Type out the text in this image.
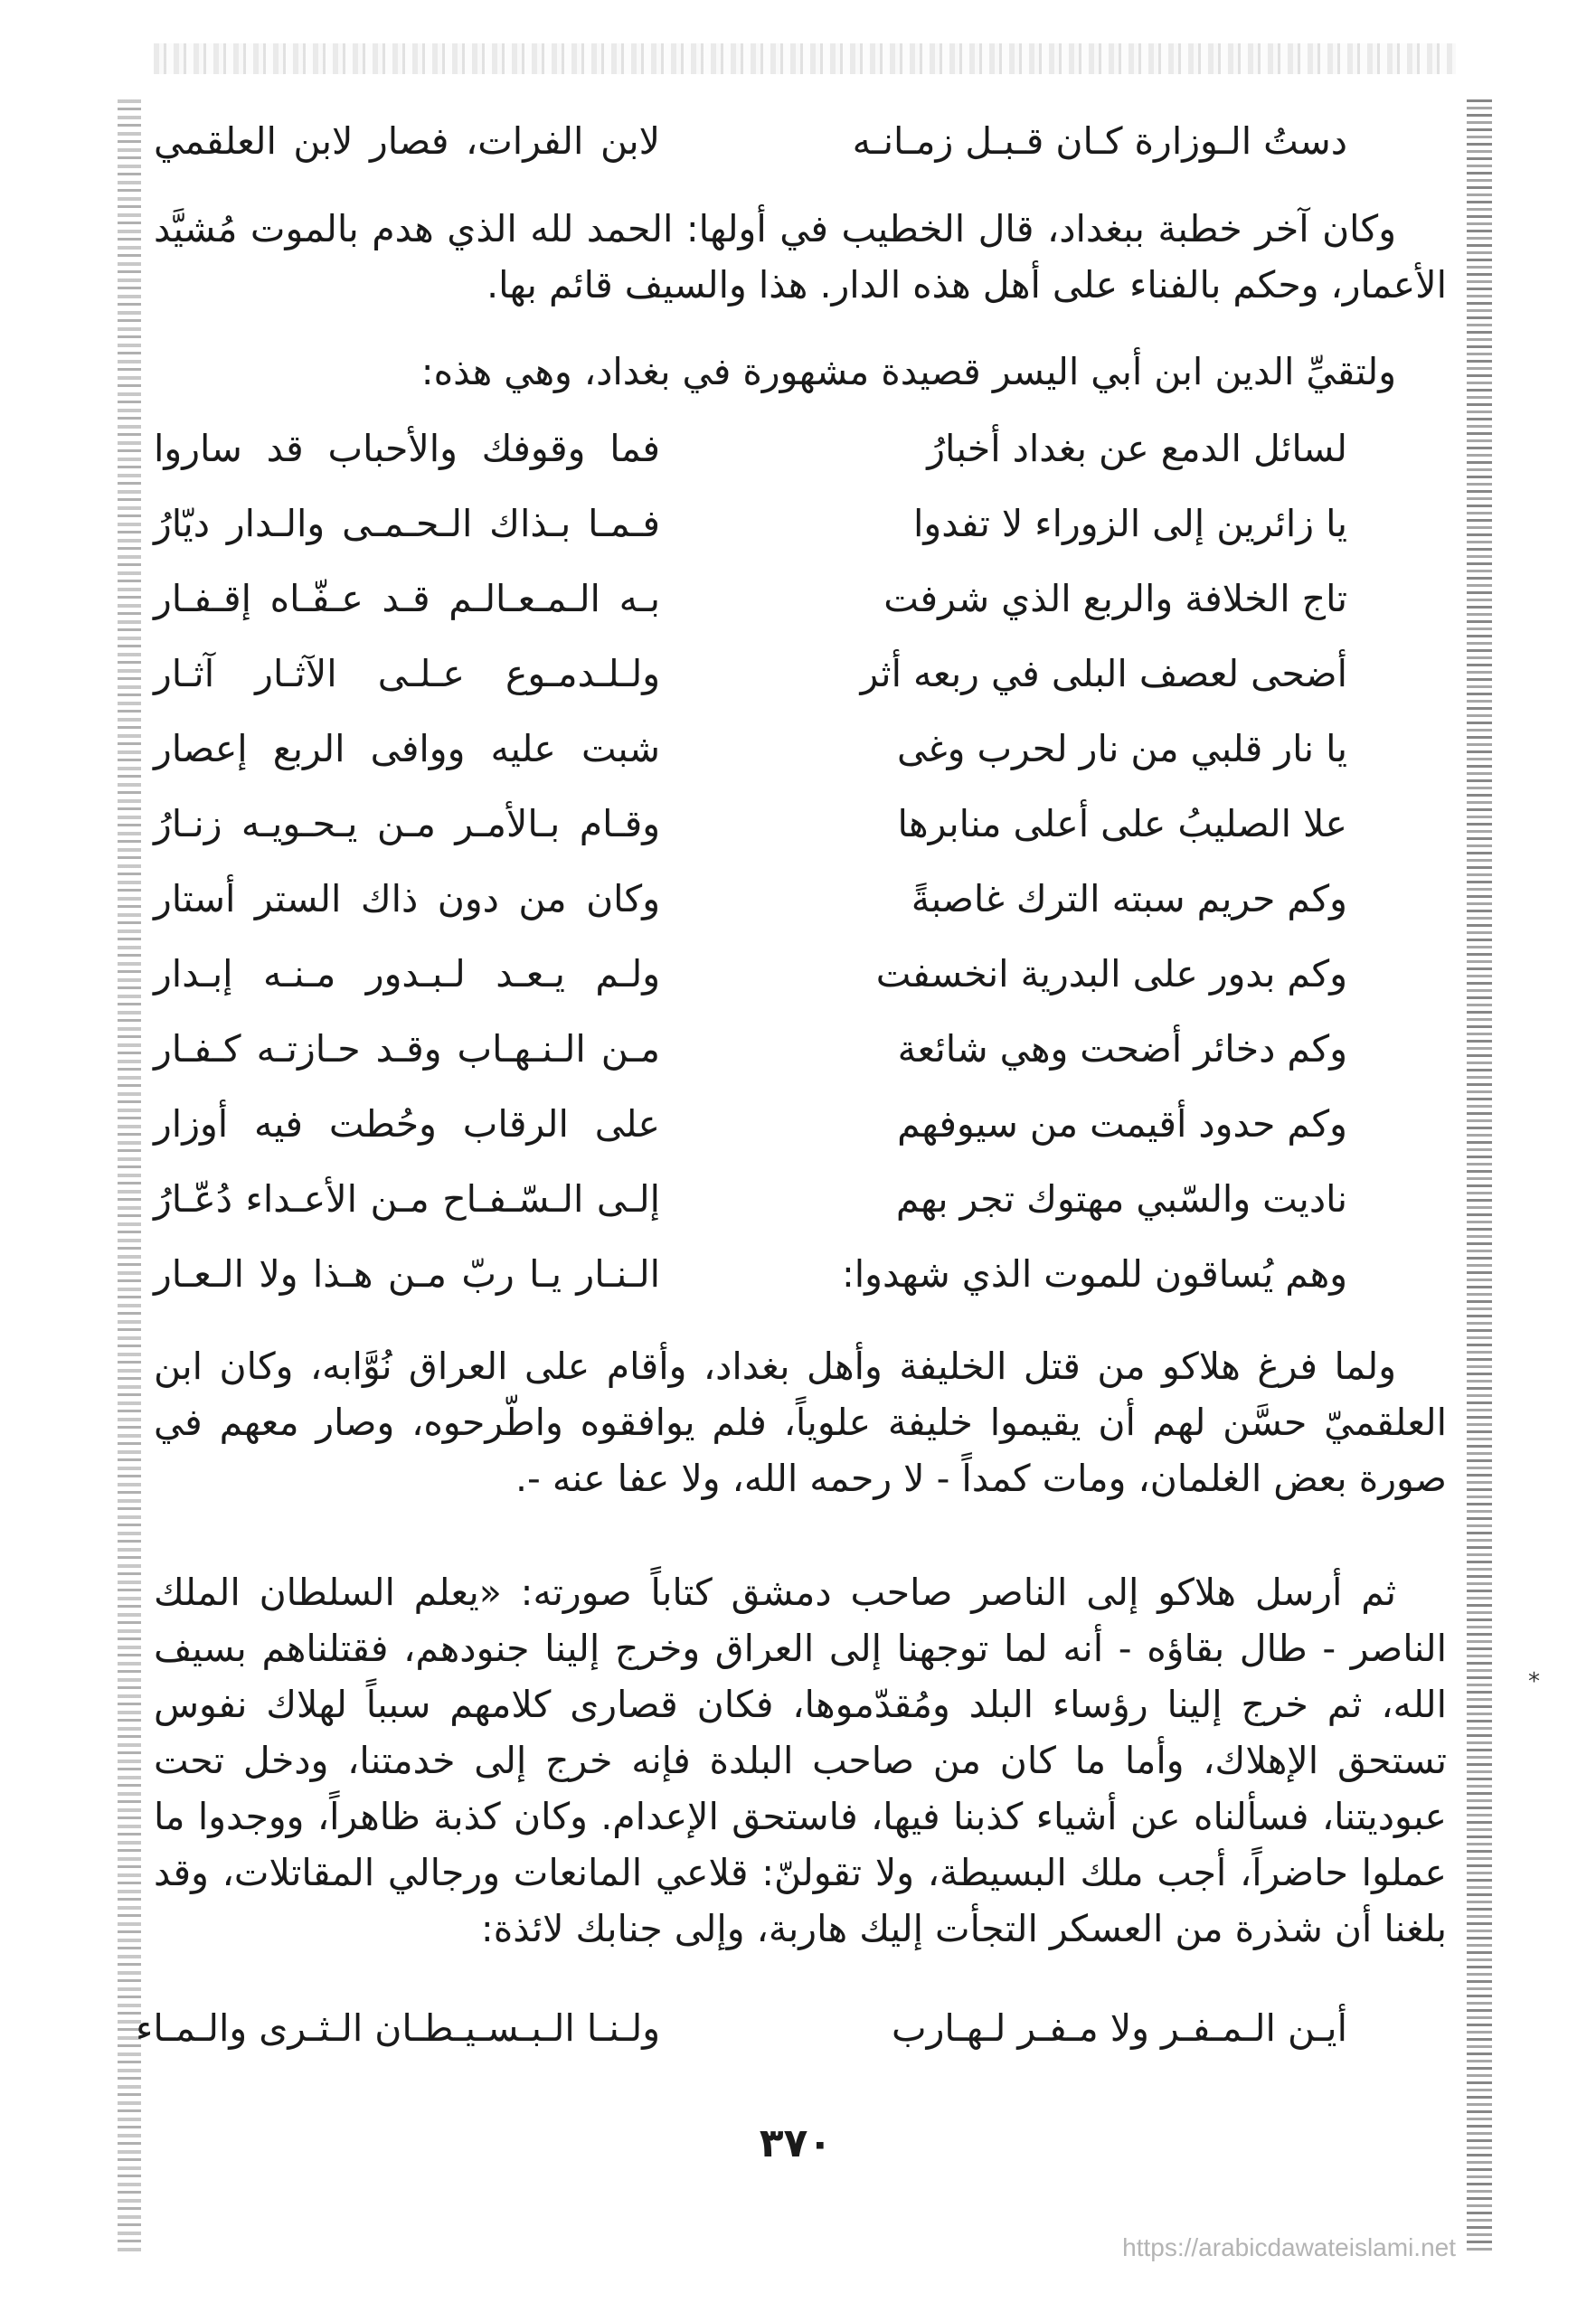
دستُ الـوزارة كـان قـبـل زمـانـه
لابن الفرات، فصار لابن العلقمي

وكان آخر خطبة ببغداد، قال الخطيب في أولها: الحمد لله الذي هدم بالموت مُشيَّد الأعمار، وحكم بالفناء على أهل هذه الدار. هذا والسيف قائم بها.

ولتقيِّ الدين ابن أبي اليسر قصيدة مشهورة في بغداد، وهي هذه:

لسائل الدمع عن بغداد أخبارُ
فما وقوفك والأحباب قد ساروا
يا زائرين إلى الزوراء لا تفدوا
فـمـا بـذاك الـحـمـى والـدار ديّارُ
تاج الخلافة والربع الذي شرفت
بـه الـمـعـالـم قـد عـفّـاه إقـفـار
أضحى لعصف البلى في ربعه أثر
ولـلـدمـوع عـلـى الآثـار آثـار
يا نار قلبي من نار لحرب وغى
شبت عليه ووافى الربع إعصار
علا الصليبُ على أعلى منابرها
وقـام بـالأمـر مـن يـحـويـه زنـارُ
وكم حريم سبته الترك غاصبةً
وكان من دون ذاك الستر أستار
وكم بدور على البدرية انخسفت
ولـم يـعـد لـبـدور مـنـه إبـدار
وكم دخائر أضحت وهي شائعة
مـن الـنـهـاب وقـد حـازتـه كـفـار
وكم حدود أقيمت من سيوفهم
على الرقاب وحُطت فيه أوزار
ناديت والسّبي مهتوك تجر بهم
إلـى الـسّـفـاح مـن الأعـداء دُعّـارُ
وهم يُساقون للموت الذي شهدوا:
الـنـار يـا ربّ مـن هـذا ولا الـعـار

ولما فرغ هلاكو من قتل الخليفة وأهل بغداد، وأقام على العراق نُوَّابه، وكان ابن العلقميّ حسَّن لهم أن يقيموا خليفة علوياً، فلم يوافقوه واطّرحوه، وصار معهم في صورة بعض الغلمان، ومات كمداً - لا رحمه الله، ولا عفا عنه -.

ثم أرسل هلاكو إلى الناصر صاحب دمشق كتاباً صورته: «يعلم السلطان الملك الناصر - طال بقاؤه - أنه لما توجهنا إلى العراق وخرج إلينا جنودهم، فقتلناهم بسيف الله، ثم خرج إلينا رؤساء البلد ومُقدّموها، فكان قصارى كلامهم سبباً لهلاك نفوس تستحق الإهلاك، وأما ما كان من صاحب البلدة فإنه خرج إلى خدمتنا، ودخل تحت عبوديتنا، فسألناه عن أشياء كذبنا فيها، فاستحق الإعدام. وكان كذبة ظاهراً، ووجدوا ما عملوا حاضراً، أجب ملك البسيطة، ولا تقولنّ: قلاعي المانعات ورجالي المقاتلات، وقد بلغنا أن شذرة من العسكر التجأت إليك هاربة، وإلى جنابك لائذة:

أيـن الـمـفـر ولا مـفـر لـهـارب
ولـنـا الـبـسـيـطـان الـثـرى والـمـاء
*
٣٧٠
https://arabicdawateislami.net
